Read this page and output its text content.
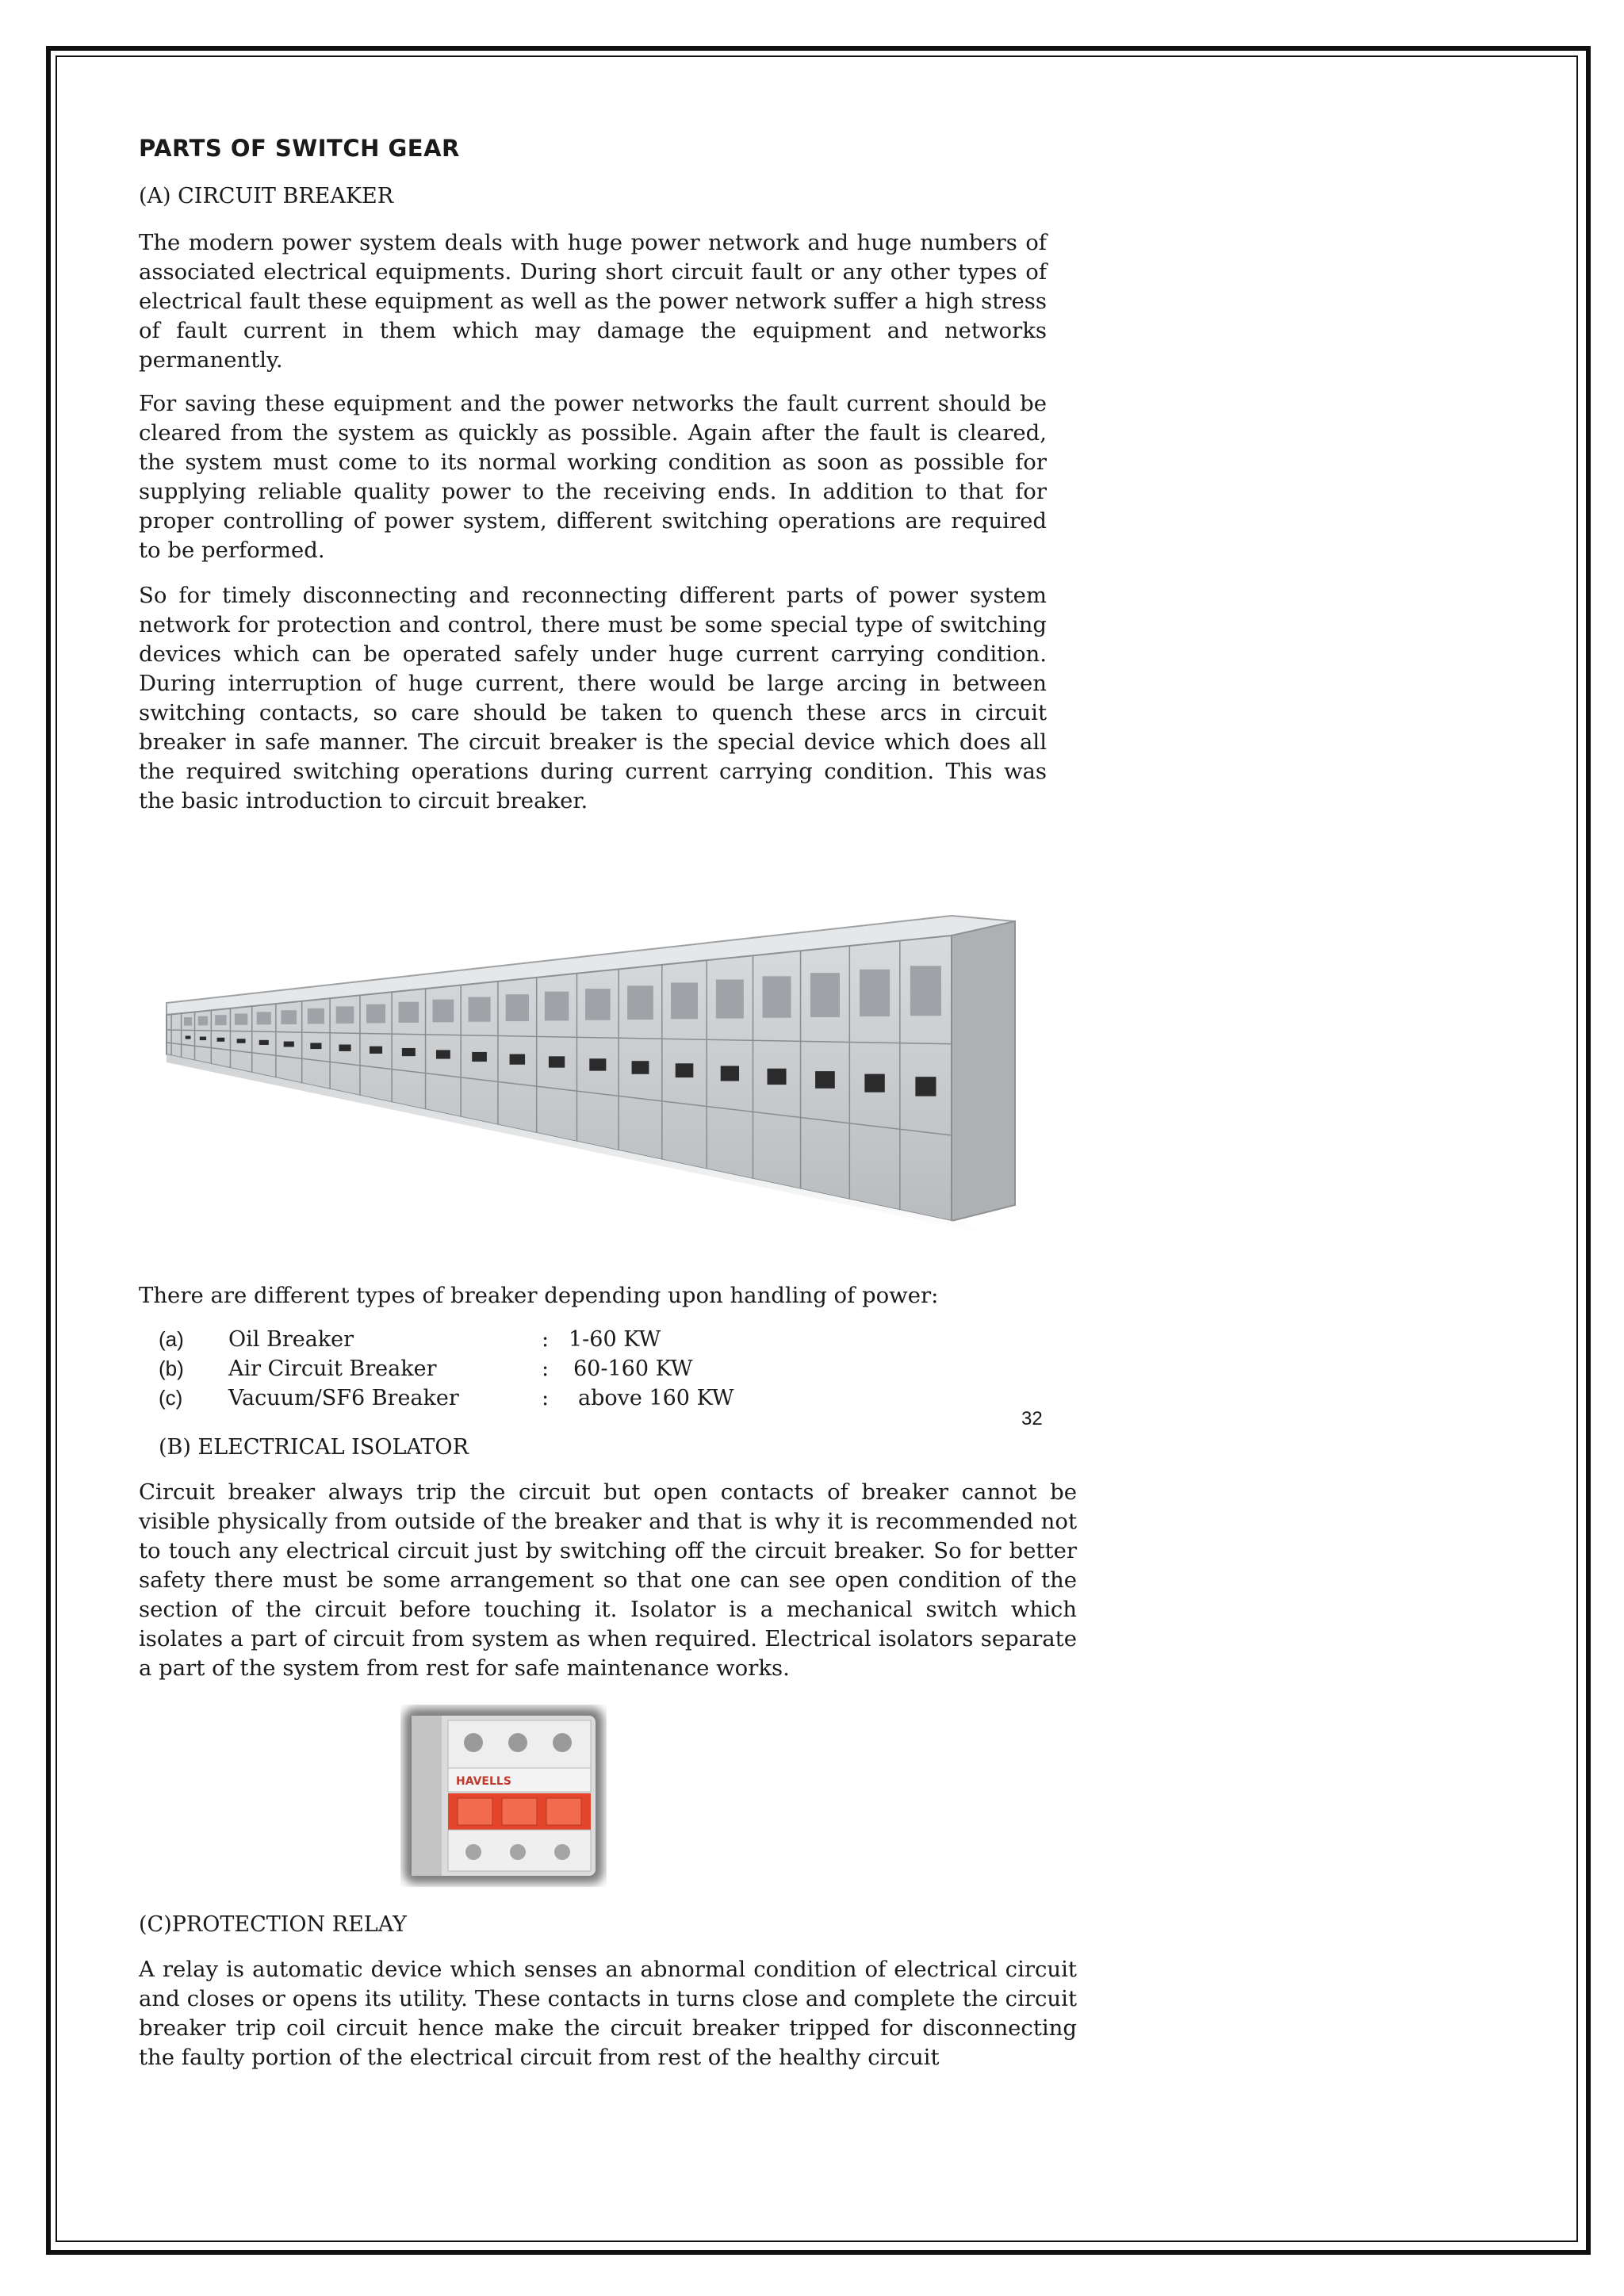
PARTS OF SWITCH GEAR
(A) CIRCUIT BREAKER

The modern power system deals with huge power network and huge numbers of associated electrical equipments. During short circuit fault or any other types of electrical fault these equipment as well as the power network suffer a high stress of fault current in them which may damage the equipment and networks permanently.

For saving these equipment and the power networks the fault current should be cleared from the system as quickly as possible. Again after the fault is cleared, the system must come to its normal working condition as soon as possible for supplying reliable quality power to the receiving ends. In addition to that for proper controlling of power system, different switching operations are required to be performed.

So for timely disconnecting and reconnecting different parts of power system network for protection and control, there must be some special type of switching devices which can be operated safely under huge current carrying condition. During interruption of huge current, there would be large arcing in between switching contacts, so care should be taken to quench these arcs in circuit breaker in safe manner. The circuit breaker is the special device which does all the required switching operations during current carrying condition. This was the basic introduction to circuit breaker.

There are different types of breaker depending upon handling of power:
(a)	Oil Breaker	: 1-60 KW
(b)	Air Circuit Breaker	:	60-160 KW
(c)	Vacuum/SF6 Breaker	:	above 160 KW
32
(B) ELECTRICAL ISOLATOR

Circuit breaker always trip the circuit but open contacts of breaker cannot be visible physically from outside of the breaker and that is why it is recommended not to touch any electrical circuit just by switching off the circuit breaker. So for better safety there must be some arrangement so that one can see open condition of the section of the circuit before touching it. Isolator is a mechanical switch which isolates a part of circuit from system as when required. Electrical isolators separate a part of the system from rest for safe maintenance works.

HAVELLS
(C)PROTECTION RELAY

A relay is automatic device which senses an abnormal condition of electrical circuit and closes or opens its utility. These contacts in turns close and complete the circuit breaker trip coil circuit hence make the circuit breaker tripped for disconnecting the faulty portion of the electrical circuit from rest of the healthy circuit
